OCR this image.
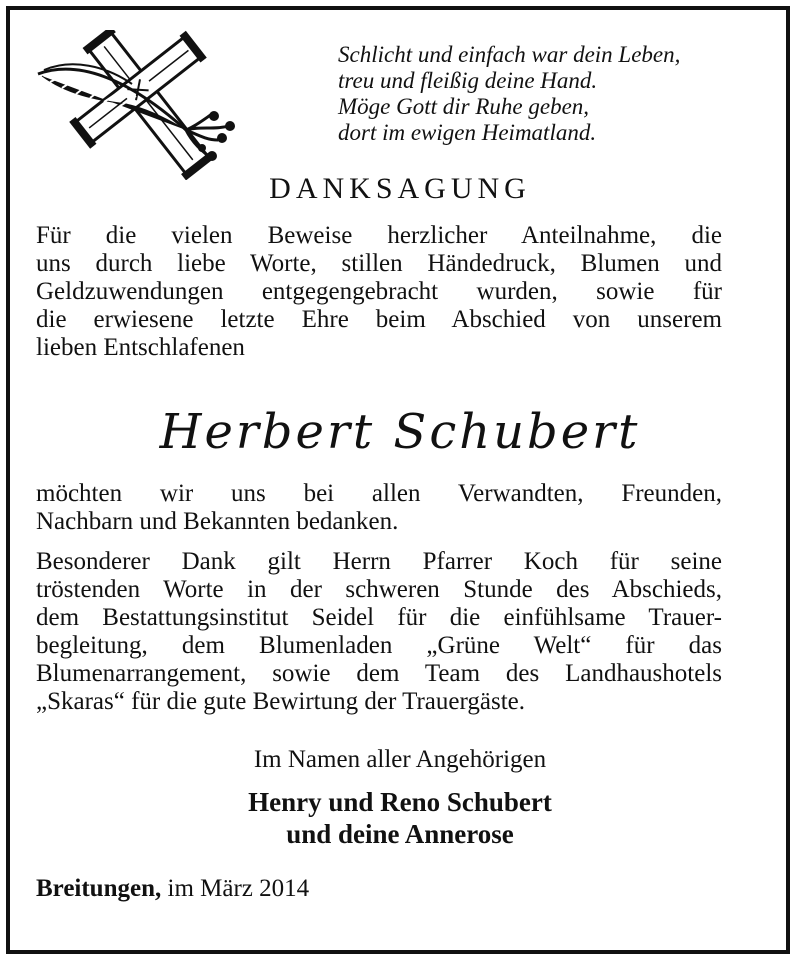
Schlicht und einfach war dein Leben,
treu und fleißig deine Hand.
Möge Gott dir Ruhe geben,
dort im ewigen Heimatland.
DANKSAGUNG
Für die vielen Beweise herzlicher Anteilnahme, die
uns durch liebe Worte, stillen Händedruck, Blumen und
Geldzuwendungen entgegengebracht wurden, sowie für
die erwiesene letzte Ehre beim Abschied von unserem
lieben Entschlafenen
Herbert Schubert
möchten wir uns bei allen Verwandten, Freunden,
Nachbarn und Bekannten bedanken.
Besonderer Dank gilt Herrn Pfarrer Koch für seine
tröstenden Worte in der schweren Stunde des Abschieds,
dem Bestattungsinstitut Seidel für die einfühlsame Trauer-
begleitung, dem Blumenladen „Grüne Welt“ für das
Blumenarrangement, sowie dem Team des Landhaushotels
„Skaras“ für die gute Bewirtung der Trauergäste.
Im Namen aller Angehörigen
Henry und Reno Schubert
und deine Annerose
Breitungen, im März 2014
